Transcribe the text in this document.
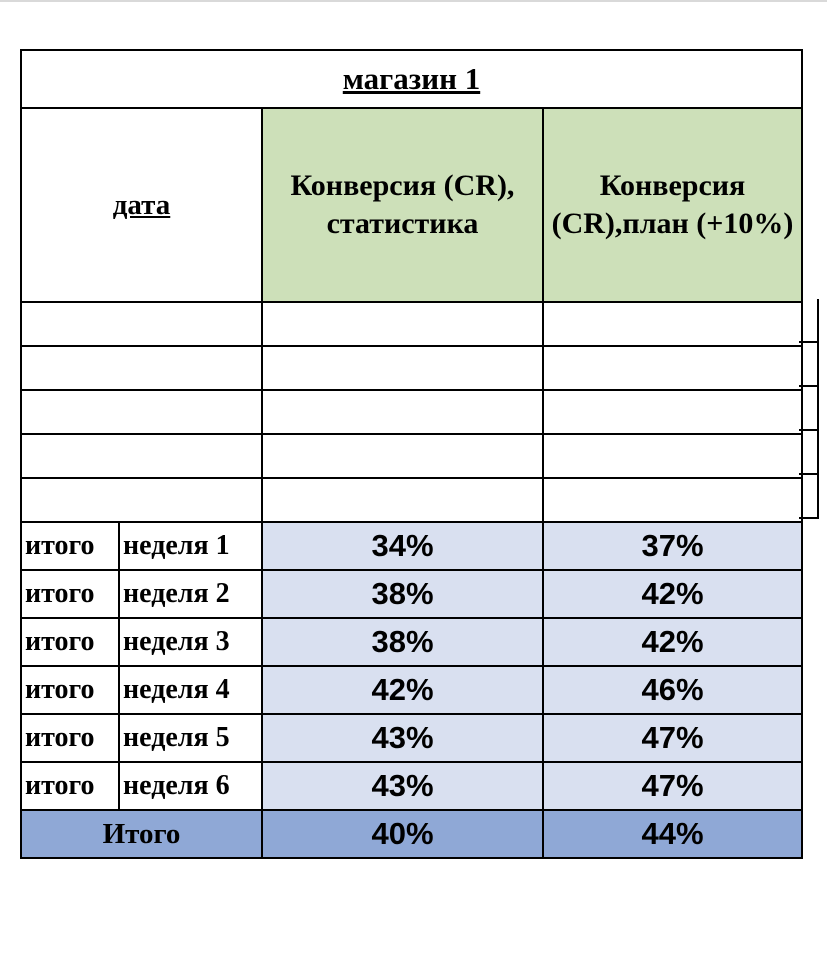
магазин 1			
дата		Конверсия (CR), статистика	Конверсия (CR),план (+10%)

итого	неделя 1	34%	37%
итого	неделя 2	38%	42%
итого	неделя 3	38%	42%
итого	неделя 4	42%	46%
итого	неделя 5	43%	47%
итого	неделя 6	43%	47%
Итого		40%	44%
